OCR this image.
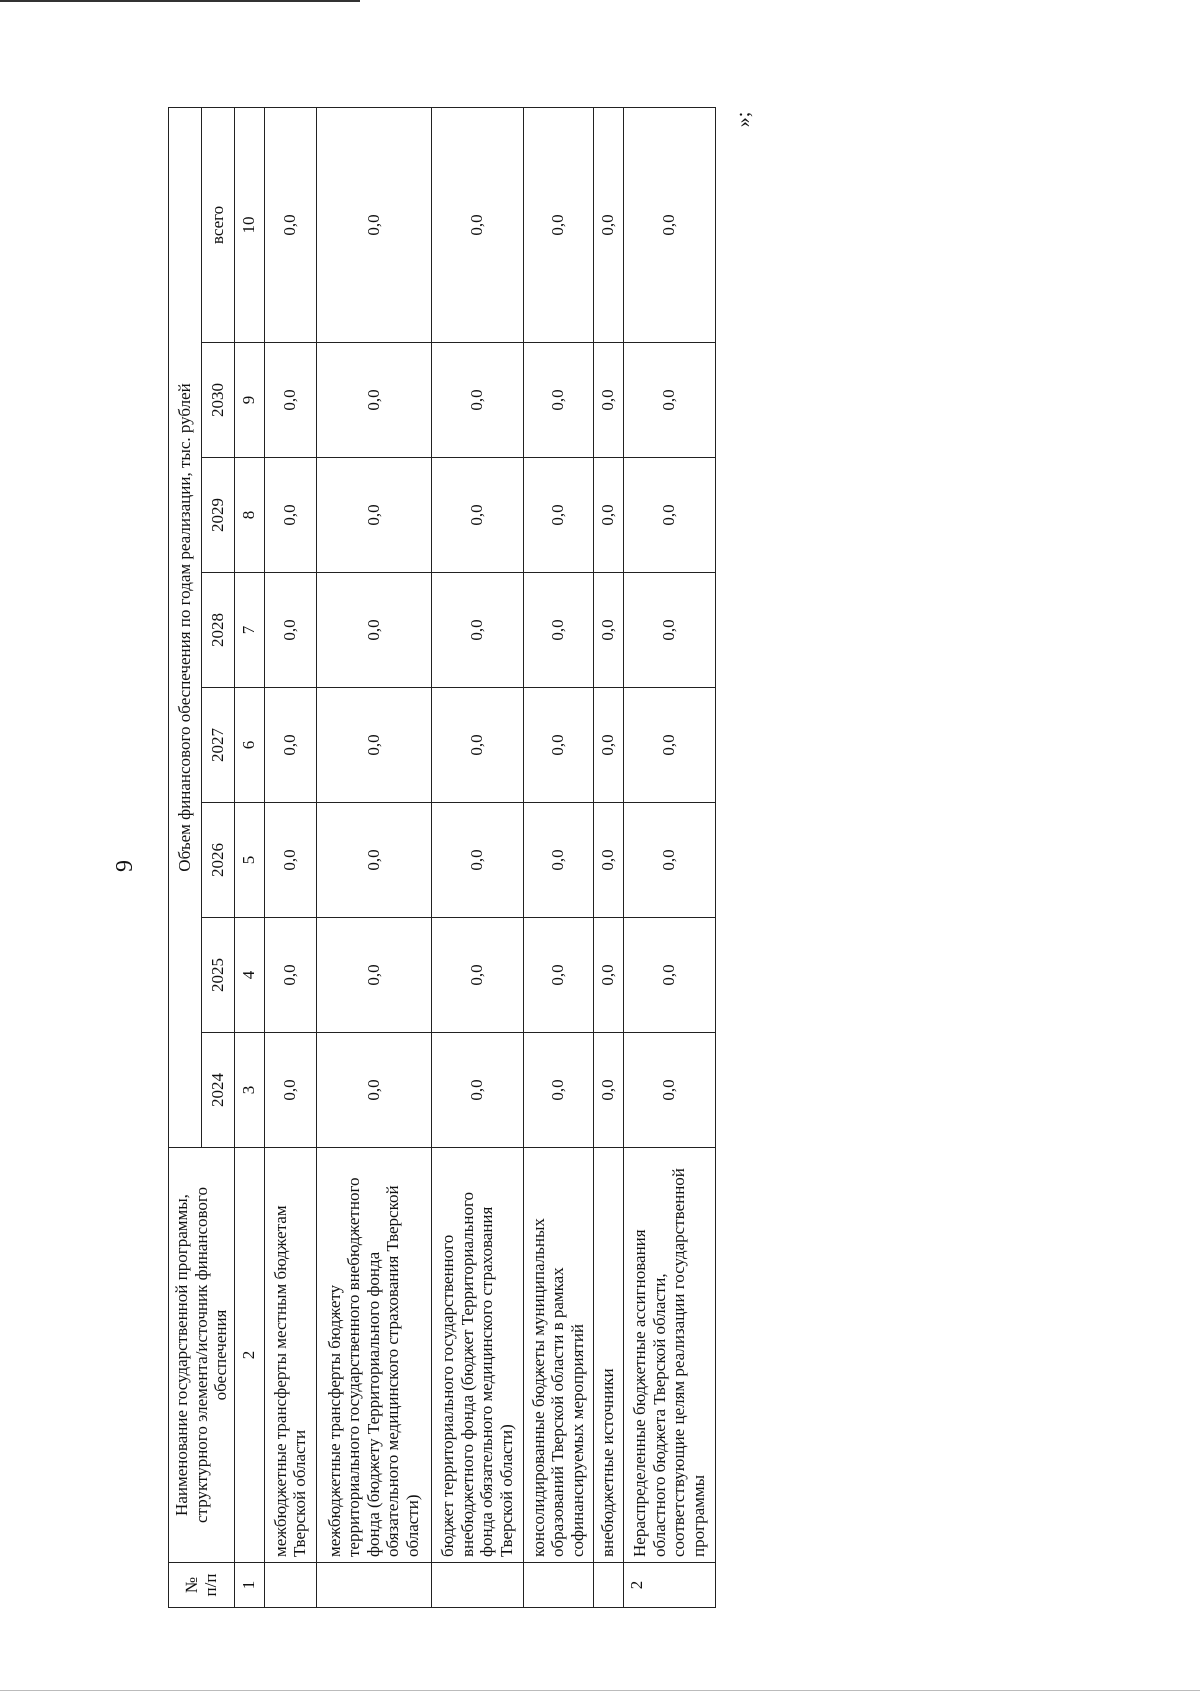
9
»;
№ п/п	Наименование государственной программы, структурного элемента/источник финансового обеспечения	Объем финансового обеспечения по годам реализации, тыс. рублей							
		2024	2025	2026	2027	2028	2029	2030	всего
1	2	3	4	5	6	7	8	9	10
	межбюджетные трансферты местным бюджетам Тверской области	0,0	0,0	0,0	0,0	0,0	0,0	0,0	0,0
	межбюджетные трансферты бюджету территориального государственного внебюджетного фонда (бюджету Территориального фонда обязательного медицинского страхования Тверской области)	0,0	0,0	0,0	0,0	0,0	0,0	0,0	0,0
	бюджет территориального государственного внебюджетного фонда (бюджет Территориального фонда обязательного медицинского страхования Тверской области)	0,0	0,0	0,0	0,0	0,0	0,0	0,0	0,0
	консолидированные бюджеты муниципальных образований Тверской области в рамках софинансируемых мероприятий	0,0	0,0	0,0	0,0	0,0	0,0	0,0	0,0
	внебюджетные источники	0,0	0,0	0,0	0,0	0,0	0,0	0,0	0,0
2	Нераспределенные бюджетные ассигнования областного бюджета Тверской области, соответствующие целям реализации государственной программы	0,0	0,0	0,0	0,0	0,0	0,0	0,0	0,0
